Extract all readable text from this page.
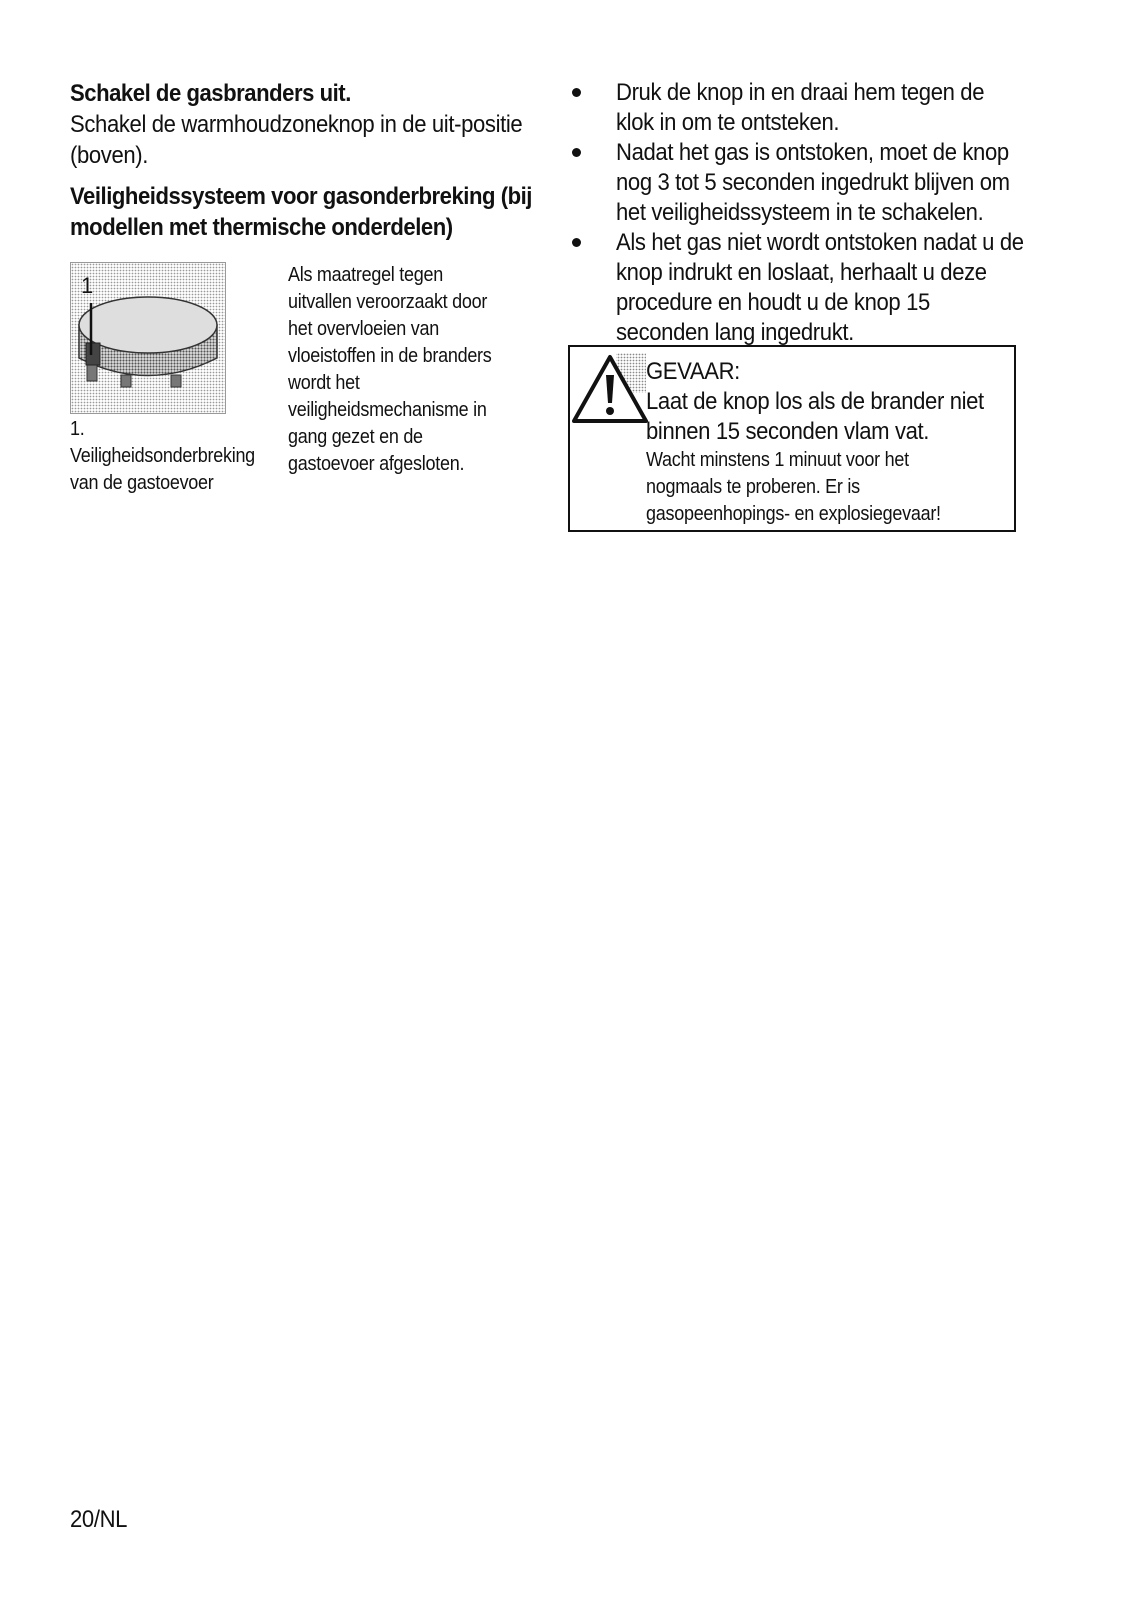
Schakel de gasbranders uit.

Schakel de warmhoudzoneknop in de uit-positie (boven).

Veiligheidssysteem voor gasonderbreking (bij modellen met thermische onderdelen)
1
1.
Veiligheidsonderbreking van de gastoevoer
Als maatregel tegen uitvallen veroorzaakt door het overvloeien van vloeistoffen in de branders wordt het veiligheidsmechanisme in gang gezet en de gastoevoer afgesloten.
Druk de knop in en draai hem tegen de klok in om te ontsteken.
Nadat het gas is ontstoken, moet de knop nog 3 tot 5 seconden ingedrukt blijven om het veiligheidssysteem in te schakelen.
Als het gas niet wordt ontstoken nadat u de knop indrukt en loslaat, herhaalt u deze procedure en houdt u de knop 15 seconden lang ingedrukt.
GEVAAR:
Laat de knop los als de brander niet binnen 15 seconden vlam vat.
Wacht minstens 1 minuut voor het nogmaals te proberen. Er is gasopeenhopings- en explosiegevaar!
20/NL
